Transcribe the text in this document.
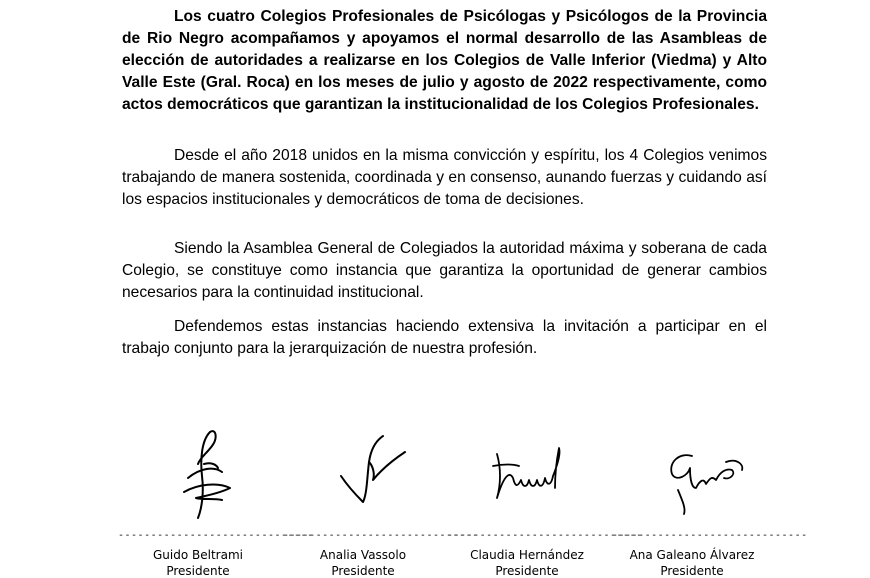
Los cuatro Colegios Profesionales de Psicólogas y Psicólogos de la Provincia de Rio Negro acompañamos y apoyamos el normal desarrollo de las Asambleas de elección de autoridades a realizarse en los Colegios de Valle Inferior (Viedma) y Alto Valle Este (Gral. Roca) en los meses de julio y agosto de 2022 respectivamente, como actos democráticos que garantizan la institucionalidad de los Colegios Profesionales.

Desde el año 2018 unidos en la misma convicción y espíritu, los 4 Colegios venimos trabajando de manera sostenida, coordinada y en consenso, aunando fuerzas y cuidando así los espacios institucionales y democráticos de toma de decisiones.

Siendo la Asamblea General de Colegiados la autoridad máxima y soberana de cada Colegio, se constituye como instancia que garantiza la oportunidad de generar cambios necesarios para la continuidad institucional.

Defendemos estas instancias haciendo extensiva la invitación a participar en el trabajo conjunto para la jerarquización de nuestra profesión.

------------------------------
Guido Beltrami
Presidente
------------------------------
Analia Vassolo
Presidente
------------------------------
Claudia Hernández
Presidente
------------------------------
Ana Galeano Álvarez
Presidente
